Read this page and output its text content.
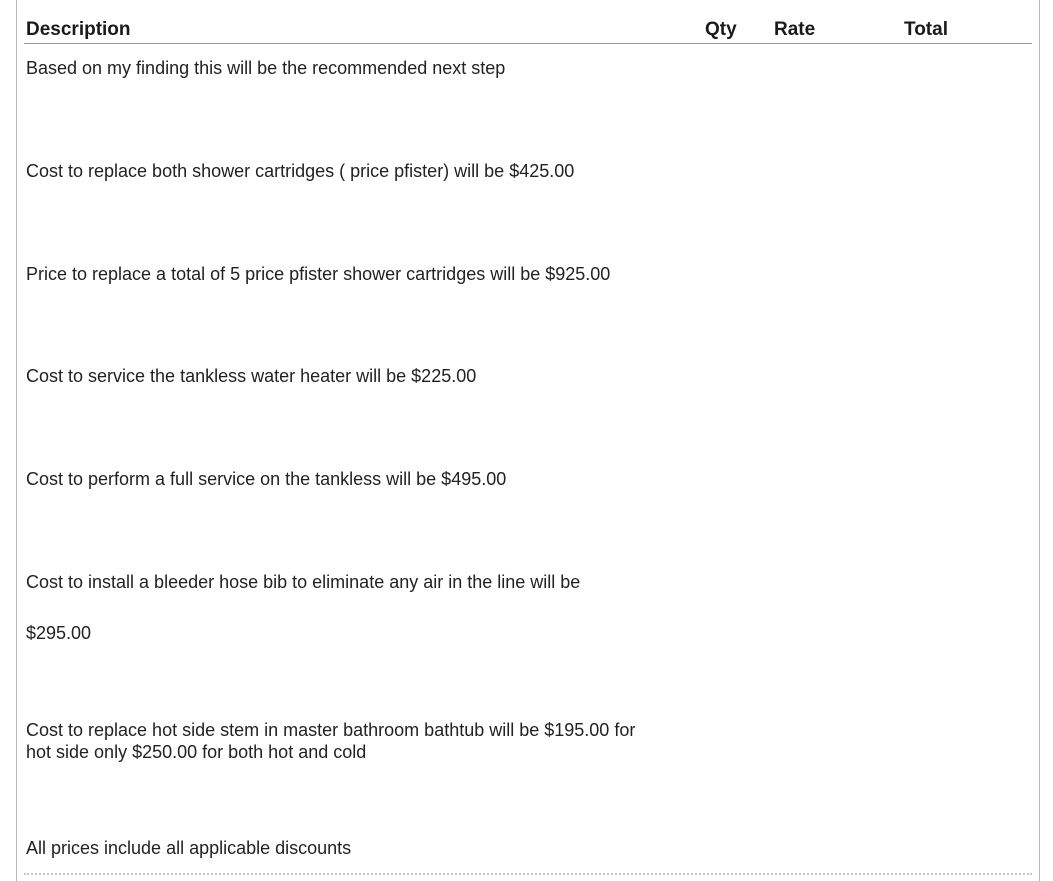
Description	Qty Rate	Total
Based on my finding this will be the recommended next step
Cost to replace both shower cartridges ( price pfister) will be $425.00
Price to replace a total of 5 price pfister shower cartridges will be $925.00
Cost to service the tankless water heater will be $225.00
Cost to perform a full service on the tankless will be $495.00
Cost to install a bleeder hose bib to eliminate any air in the line will be
$295.00
Cost to replace hot side stem in master bathroom bathtub will be $195.00 for
hot side only $250.00 for both hot and cold
All prices include all applicable discounts
